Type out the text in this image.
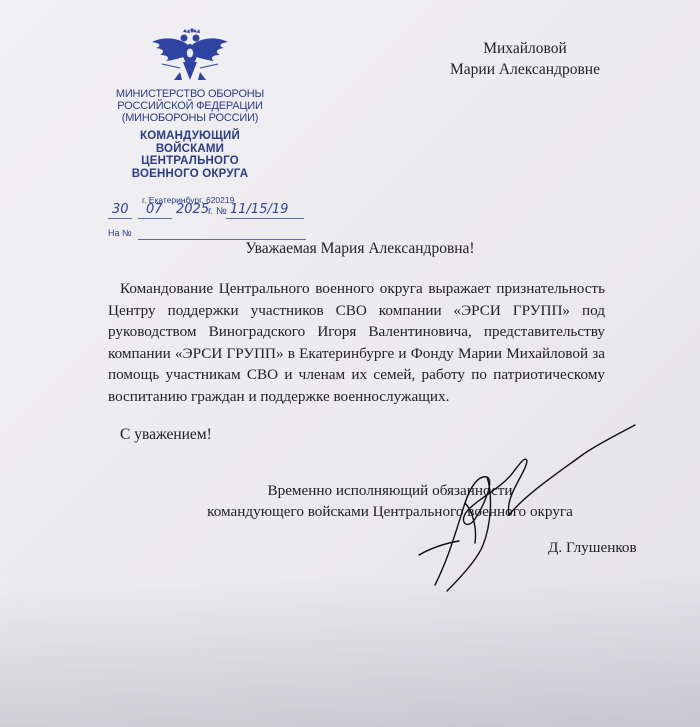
МИНИСТЕРСТВО ОБОРОНЫ
РОССИЙСКОЙ ФЕДЕРАЦИИ
(МИНОБОРОНЫ РОССИИ)
КОМАНДУЮЩИЙ
ВОЙСКАМИ
ЦЕНТРАЛЬНОГО
ВОЕННОГО ОКРУГА
г. Екатеринбург, 620219
30 07 2025
г. № 11/15/19
На №
Михайловой
Марии Александровне
Уважаемая Мария Александровна!
Командование Центрального военного округа выражает признательность Центру поддержки участников СВО компании «ЭРСИ ГРУПП» под руководством Виноградского Игоря Валентиновича, представительству компании «ЭРСИ ГРУПП» в Екатеринбурге и Фонду Марии Михайловой за помощь участникам СВО и членам их семей, работу по патриотическому воспитанию граждан и поддержке военнослужащих.
С уважением!
Временно исполняющий обязанности
командующего войсками Центрального военного округа
Д. Глушенков
